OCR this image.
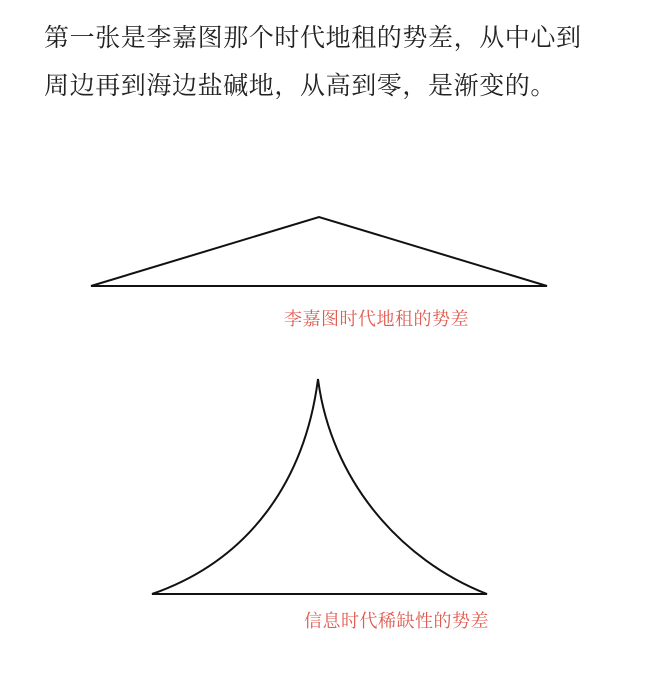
第一张是李嘉图那个时代地租的势差，从中心到
周边再到海边盐碱地，从高到零，是渐变的。
李嘉图时代地租的势差
信息时代稀缺性的势差
